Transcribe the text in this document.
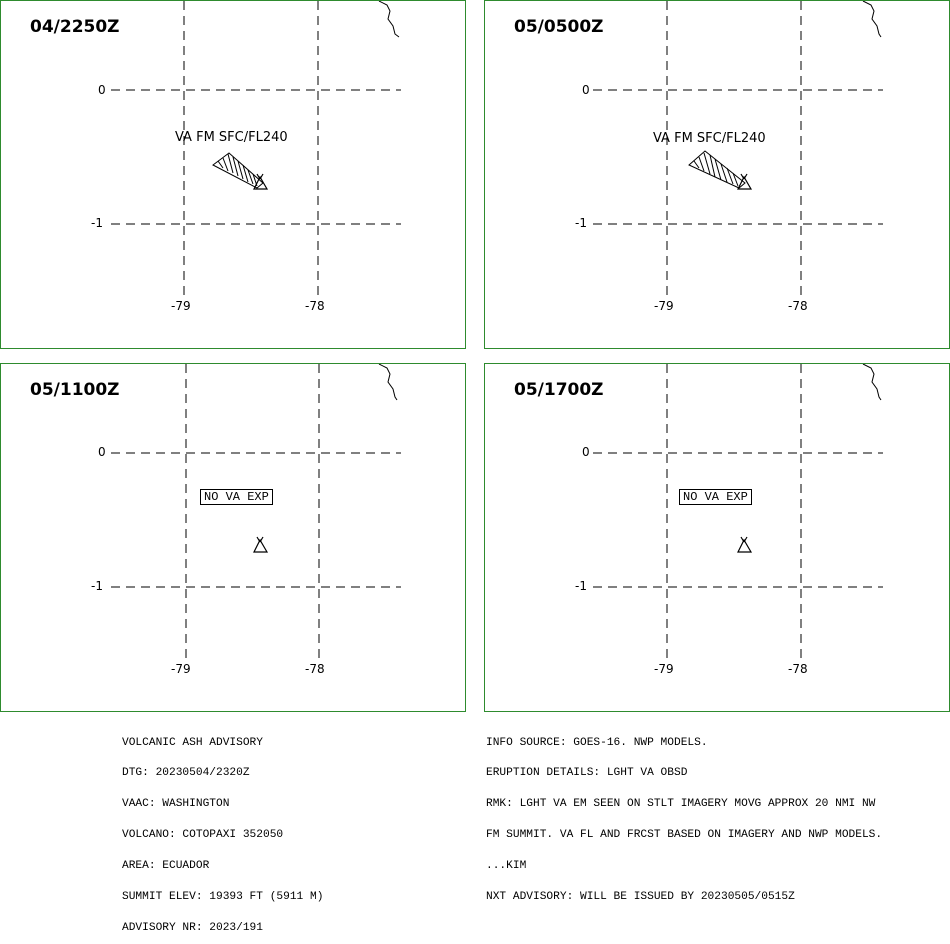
04/2250Z
0
-1
-79	-78
VA FM SFC/FL240
05/0500Z
0
-1
-79	-78
VA FM SFC/FL240
05/1100Z
0
-1
-79	-78
NO VA EXP
05/1700Z
0
-1
-79	-78
NO VA EXP

VOLCANIC ASH ADVISORY

DTG: 20230504/2320Z

VAAC: WASHINGTON

VOLCANO: COTOPAXI 352050

AREA: ECUADOR

SUMMIT ELEV: 19393 FT (5911 M)

ADVISORY NR: 2023/191

INFO SOURCE: GOES-16. NWP MODELS.

ERUPTION DETAILS: LGHT VA OBSD

RMK: LGHT VA EM SEEN ON STLT IMAGERY MOVG APPROX 20 NMI NW

FM SUMMIT. VA FL AND FRCST BASED ON IMAGERY AND NWP MODELS.

...KIM

NXT ADVISORY: WILL BE ISSUED BY 20230505/0515Z
